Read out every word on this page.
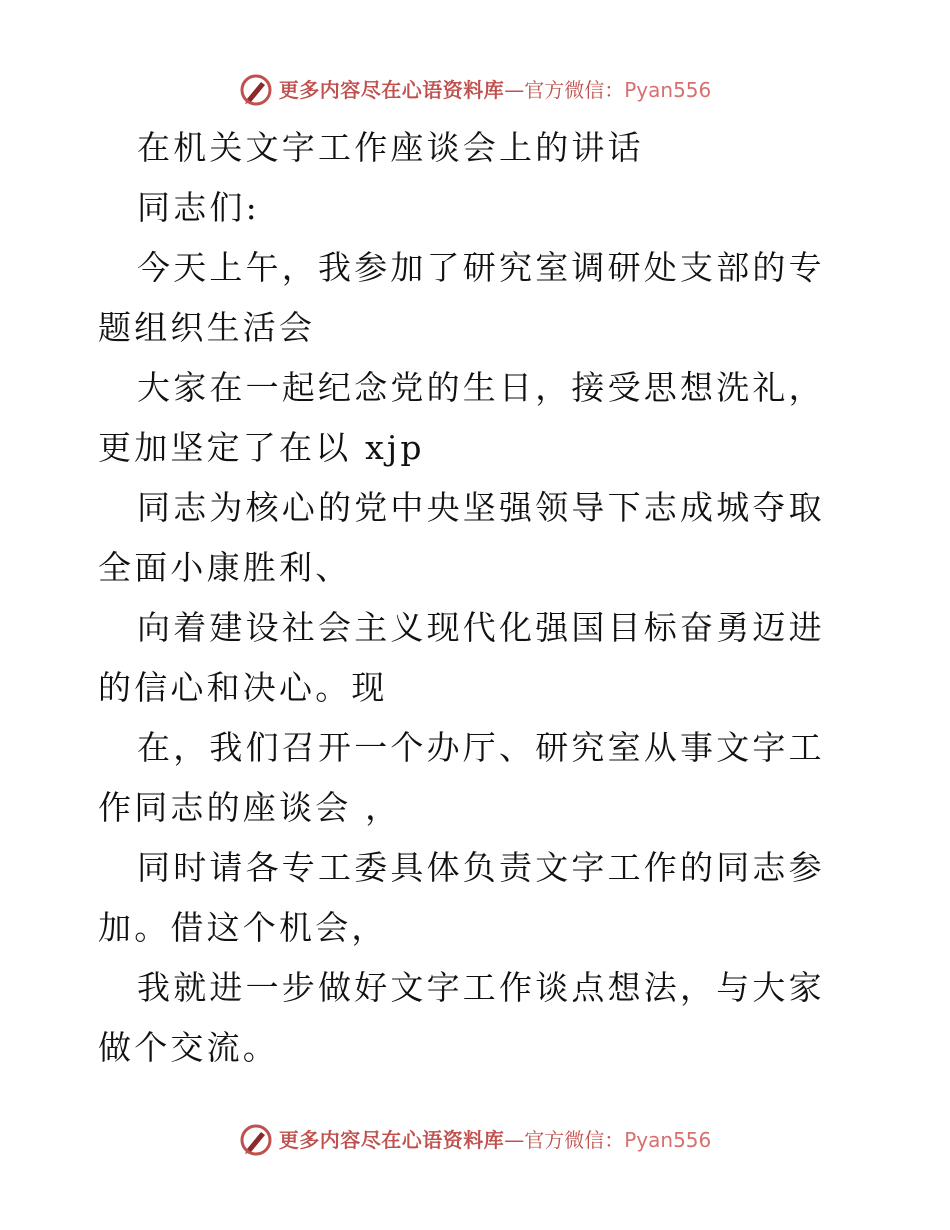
更多内容尽在心语资料库—官方微信：Pyan556

在机关文字工作座谈会上的讲话

同志们:

今天上午，我参加了研究室调研处支部的专题组织生活会

大家在一起纪念党的生日，接受思想洗礼，更加坚定了在以 xjp

同志为核心的党中央坚强领导下志成城夺取全面小康胜利、

向着建设社会主义现代化强国目标奋勇迈进的信心和决心。现

在，我们召开一个办厅、研究室从事文字工作同志的座谈会 ，

同时请各专工委具体负责文字工作的同志参加。借这个机会，

我就进一步做好文字工作谈点想法，与大家做个交流。

更多内容尽在心语资料库—官方微信：Pyan556
